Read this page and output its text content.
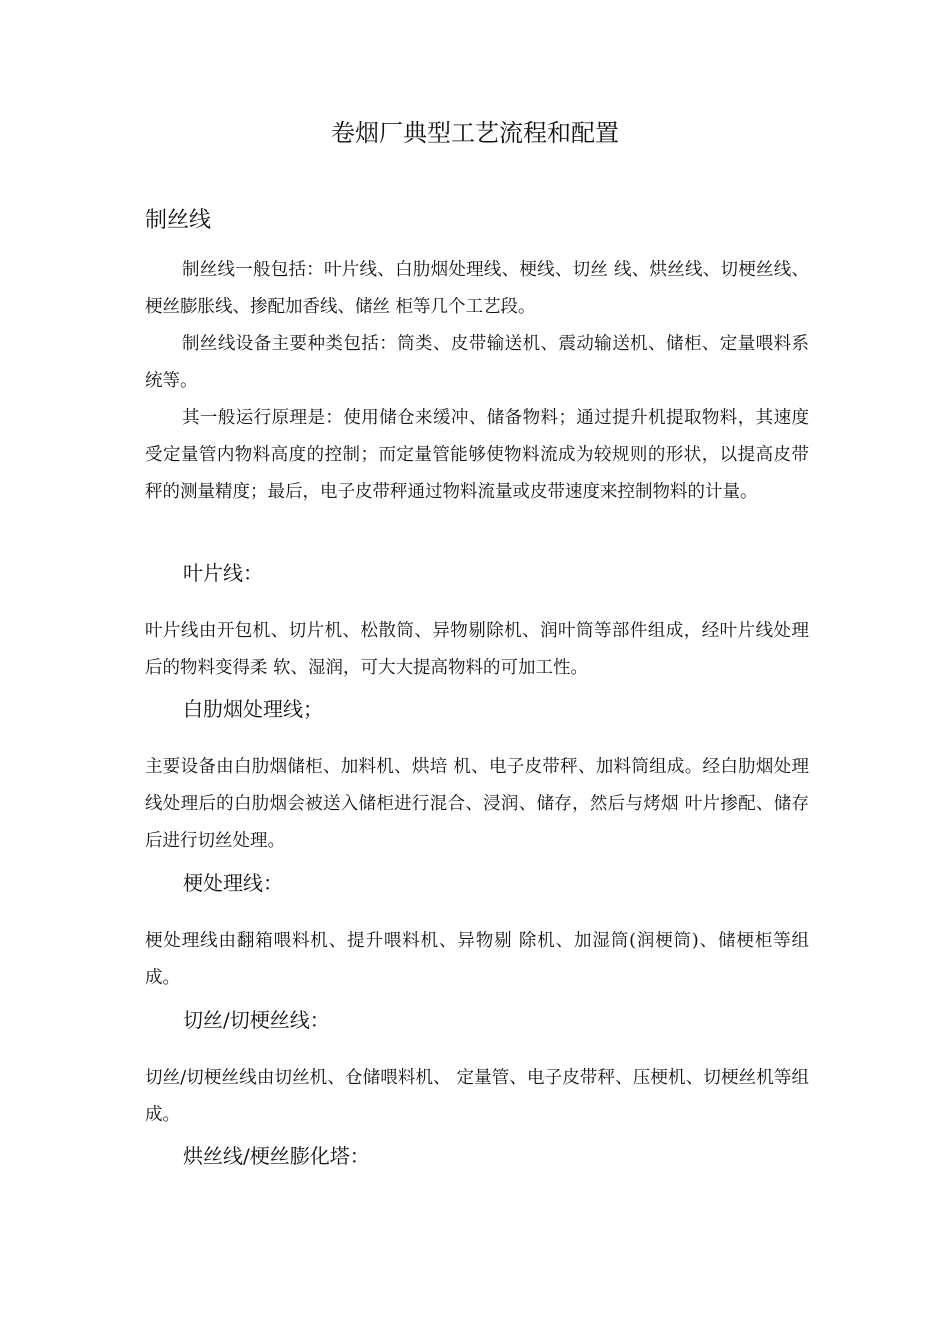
卷烟厂典型工艺流程和配置
制丝线

制丝线一般包括：叶片线、白肋烟处理线、梗线、切丝 线、烘丝线、切梗丝线、梗丝膨胀线、掺配加香线、储丝 柜等几个工艺段。

制丝线设备主要种类包括：筒类、皮带输送机、震动输送机、储柜、定量喂料系统等。

其一般运行原理是：使用储仓来缓冲、储备物料；通过提升机提取物料，其速度受定量管内物料高度的控制；而定量管能够使物料流成为较规则的形状，以提高皮带秤的测量精度；最后，电子皮带秤通过物料流量或皮带速度来控制物料的计量。

叶片线：

叶片线由开包机、切片机、松散筒、异物剔除机、润叶筒等部件组成，经叶片线处理后的物料变得柔 软、湿润，可大大提高物料的可加工性。

白肋烟处理线；

主要设备由白肋烟储柜、加料机、烘培 机、电子皮带秤、加料筒组成。经白肋烟处理线处理后的白肋烟会被送入储柜进行混合、浸润、储存，然后与烤烟 叶片掺配、储存后进行切丝处理。

梗处理线：

梗处理线由翻箱喂料机、提升喂料机、异物剔 除机、加湿筒(润梗筒)、储梗柜等组成。

切丝/切梗丝线：

切丝/切梗丝线由切丝机、仓储喂料机、 定量管、电子皮带秤、压梗机、切梗丝机等组成。

烘丝线/梗丝膨化塔：
